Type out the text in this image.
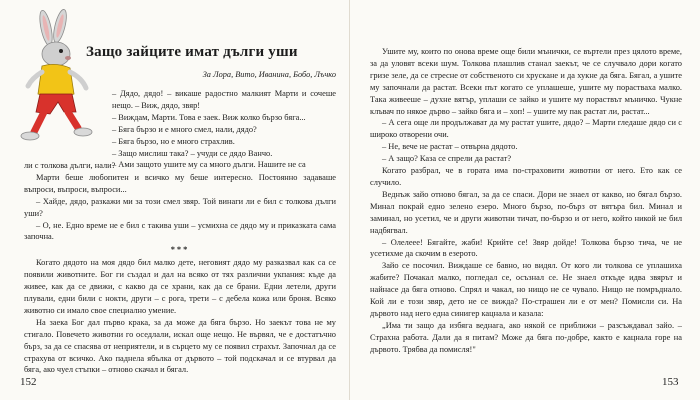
Защо зайците имат дълги уши
За Лора, Вито, Иванина, Бобо, Лъчко

– Дядо, дядо! – викаше радостно малкият Марти и сочеше нещо. – Виж, дядо, звяр!

– Виждам, Марти. Това е заек. Виж колко бързо бяга...

– Бяга бързо и е много смел, нали, дядо?

– Бяга бързо, но е много страхлив.

– Защо мислиш така? – учуди се дядо Ванчо.

– Ами защото ушите му са много дълги. Нашите не са

ли с толкова дълги, нали?

Марти беше любопитен и всичко му беше интересно. Постоянно задаваше въпроси, въпроси, въпроси...

– Хайде, дядо, разкажи ми за този смел звяр. Той винаги ли е бил с толкова дълги уши?

– О, не. Едно време не е бил с такива уши – усмихна се дядо му и приказката сама започна.

***

Когато дядото на моя дядо бил малко дете, неговият дядо му разказвал как са се появили животните. Бог ги създал и дал на всяко от тях различни укпания: къде да живее, как да се движи, с какво да се храни, как да се брани. Едни летели, други плували, едни били с нокти, други – с рога, трети – с дебела кожа или броня. Всяко животно си имало свое специално умение.

На заека Бог дал първо крака, за да може да бяга бързо. Но заекът това не му стигало. Повечето животни го оседлали, искал още нещо. Не вървял, че е достатъчно бърз, за да се спасява от неприятели, и в сърцето му се появил страхът. Започнал да се страхува от всичко. Ако паднела ябълка от дървото – той подскачал и се втурвал да бяга, ако чуел стъпки – отново скачал и бягал.

152

Ушите му, които по онова време още били мънички, се въртели през цялото време, за да уловят всеки шум. Толкова плашлив станал заекът, че се случвало дори когато гризе зеле, да се стресне от собственото си хрускане и да хукне да бяга. Бягал, а ушите му започнали да растат. Всеки път когато се уплашеше, ушите му порастваха малко. Така живееше – духне вятър, уплаши се зайко и ушите му пораствът мъничко. Чукне клъвач по някое дърво – зайко бяга и – хоп! – ушите му пак растат ли, растат...

– А сега още ли продължават да му растат ушите, дядо? – Марти гледаше дядо си с широко отворени очи.

– Не, вече не растат – отвърна дядото.

– А защо? Каза се спрели да растат?

Когато разбрал, че в гората има по-страховити животни от него. Ето как се случило.

Веднъж зайо отново бягал, за да се спаси. Дори не знаел от какво, но бягал бързо. Минал покрай едно зелено езеро. Много бързо, по-бърз от вятъра бил. Минал и заминал, но усетил, че и други животни тичат, по-бързо и от него, който никой не бил надбягвал.

– Олелеее! Бягайте, жаби! Крийте се! Звяр дойде! Толкова бързо тича, че не усетихме да скочим в езерото.

Зайо се посочил. Виждаше се бавно, но видял. От кого ли толкова се уплашиха жабите? Почакал малко, погледал се, осъзнал се. Не знаел откъде идва звярът и найнасе да бяга отново. Спрял и чакал, но нищо не се чувало. Нищо не помръднало. Кой ли е този звяр, дето не се вижда? По-страшен ли е от мен? Помисли си. На дървото над него една синигер кацнала и казала:

„Има ти защо да избяга веднага, ако някой се приближи – разсъждавал зайо. – Страхна работа. Дали да я питам? Може да бяга по-добре, както е кацнала горе на дървото. Трябва да помисля!"

153
